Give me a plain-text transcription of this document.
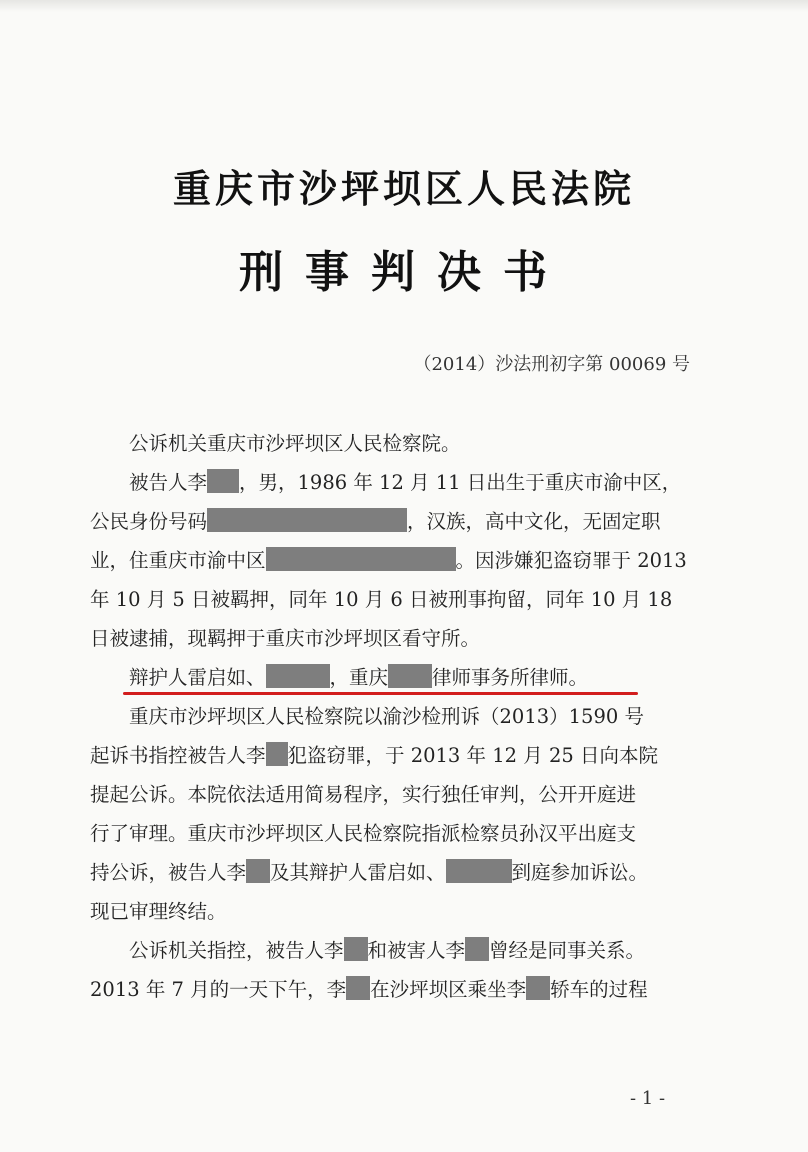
重庆市沙坪坝区人民法院
刑事判决书
（2014）沙法刑初字第 00069 号
公诉机关重庆市沙坪坝区人民检察院。
被告人李 ，男，1986 年 12 月 11 日出生于重庆市渝中区，
公民身份号码	，汉族，高中文化，无固定职
业，住重庆市渝中区	。因涉嫌犯盗窃罪于 2013
年 10 月 5 日被羁押，同年 10 月 6 日被刑事拘留，同年 10 月 18
日被逮捕，现羁押于重庆市沙坪坝区看守所。
辩护人雷启如、	，重庆 律师事务所律师。
重庆市沙坪坝区人民检察院以渝沙检刑诉（2013）1590 号
起诉书指控被告人李 犯盗窃罪，于 2013 年 12 月 25 日向本院
提起公诉。本院依法适用简易程序，实行独任审判，公开开庭进
行了审理。重庆市沙坪坝区人民检察院指派检察员孙汉平出庭支
持公诉，被告人李 及其辩护人雷启如、	到庭参加诉讼。
现已审理终结。
公诉机关指控，被告人李 和被害人李 曾经是同事关系。
2013 年 7 月的一天下午，李 在沙坪坝区乘坐李 轿车的过程
- 1 -
